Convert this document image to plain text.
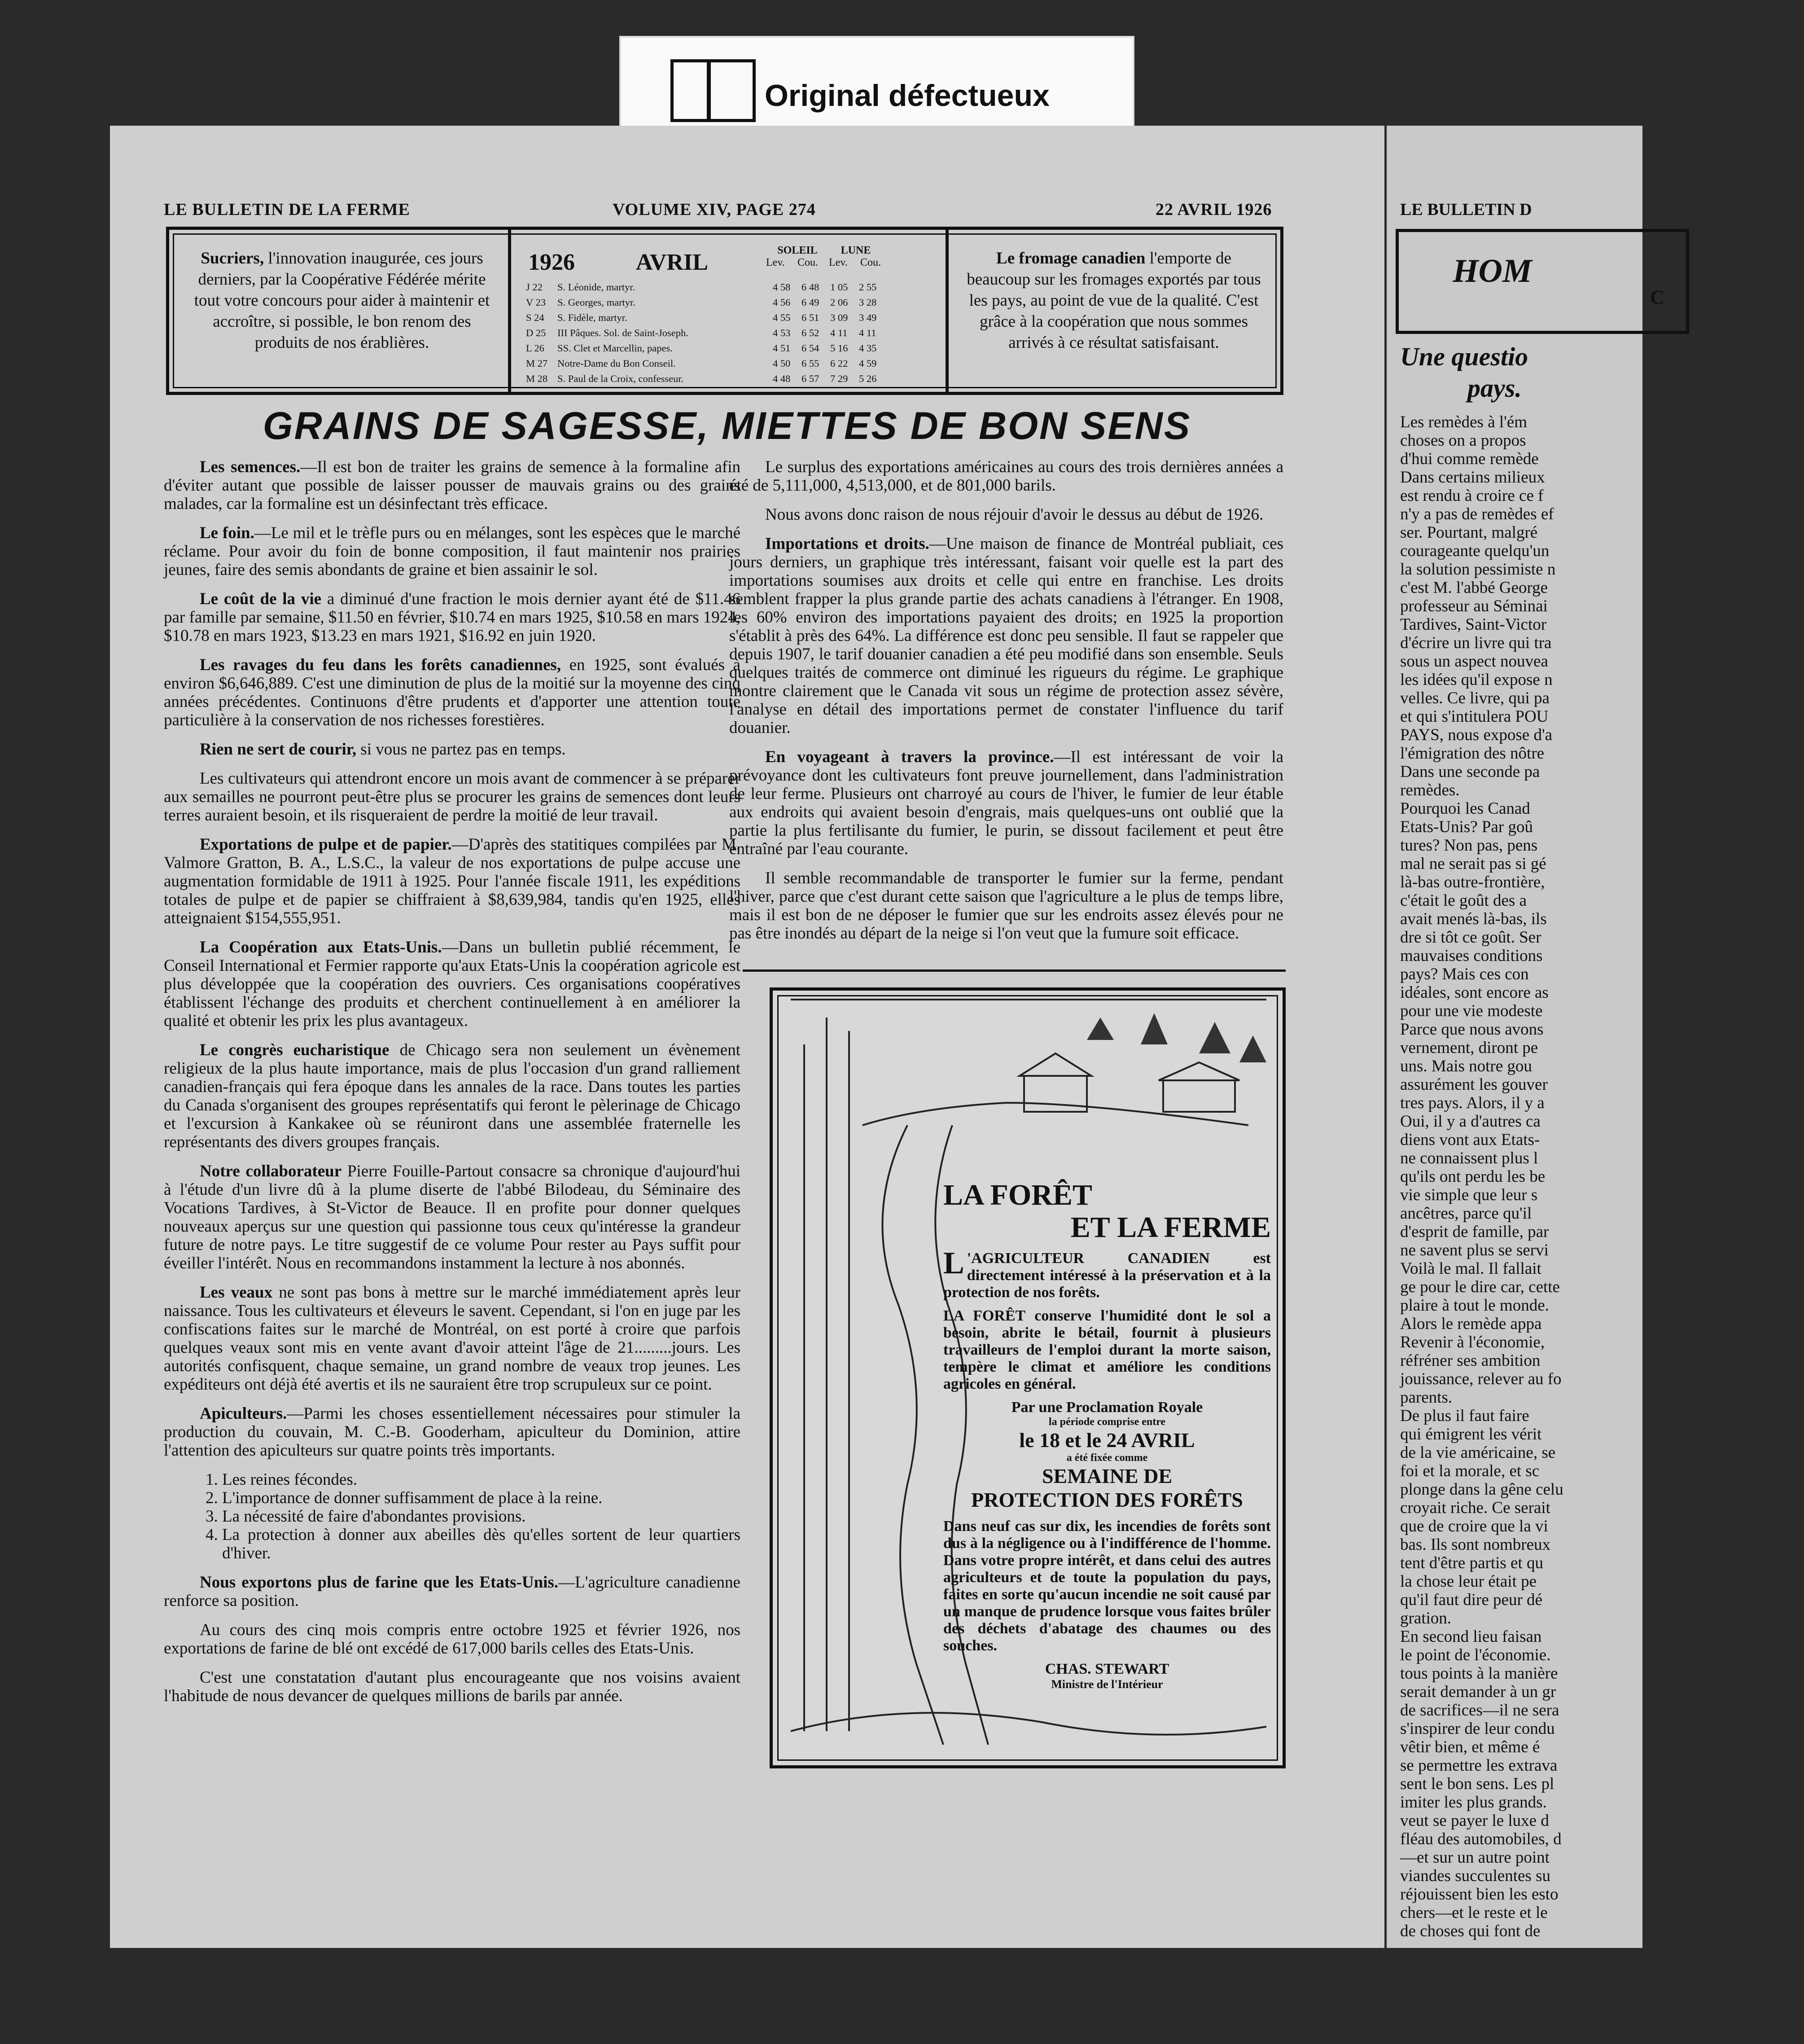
Original défectueux
LE BULLETIN DE LA FERME	VOLUME XIV, PAGE 274	22 AVRIL 1926
Sucriers, l'innovation inaugurée, ces jours derniers, par la Coopérative Fédérée mérite tout votre concours pour aider à maintenir et accroître, si possible, le bon renom des produits de nos érablières.
1926	AVRIL	SOLEIL	LUNE
Lev. Cou. Lev. Cou.
J 22 S. Léonide, martyr.	4 58 6 48 1 05 2 55
V 23 S. Georges, martyr.	4 56 6 49 2 06 3 28
S 24 S. Fidèle, martyr.	4 55 6 51 3 09 3 49
D 25 III Pâques. Sol. de Saint-Joseph.	4 53 6 52 4 11 4 11
L 26 SS. Clet et Marcellin, papes.	4 51 6 54 5 16 4 35
M 27 Notre-Dame du Bon Conseil.	4 50 6 55 6 22 4 59
M 28 S. Paul de la Croix, confesseur.	4 48 6 57 7 29 5 26
Le fromage canadien l'emporte de beaucoup sur les fromages exportés par tous les pays, au point de vue de la qualité. C'est grâce à la coopération que nous sommes arrivés à ce résultat satisfaisant.
GRAINS DE SAGESSE, MIETTES DE BON SENS

Les semences.—Il est bon de traiter les grains de semence à la formaline afin d'éviter autant que possible de laisser pousser de mauvais grains ou des grains malades, car la formaline est un désinfectant très efficace.

Le foin.—Le mil et le trèfle purs ou en mélanges, sont les espèces que le marché réclame. Pour avoir du foin de bonne composition, il faut maintenir nos prairies jeunes, faire des semis abondants de graine et bien assainir le sol.

Le coût de la vie a diminué d'une fraction le mois dernier ayant été de $11.46 par famille par semaine, $11.50 en février, $10.74 en mars 1925, $10.58 en mars 1924, $10.78 en mars 1923, $13.23 en mars 1921, $16.92 en juin 1920.

Les ravages du feu dans les forêts canadiennes, en 1925, sont évalués à environ $6,646,889. C'est une diminution de plus de la moitié sur la moyenne des cinq années précédentes. Continuons d'être prudents et d'apporter une attention toute particulière à la conservation de nos richesses forestières.

Rien ne sert de courir, si vous ne partez pas en temps.

Les cultivateurs qui attendront encore un mois avant de commencer à se préparer aux semailles ne pourront peut-être plus se procurer les grains de semences dont leurs terres auraient besoin, et ils risqueraient de perdre la moitié de leur travail.

Exportations de pulpe et de papier.—D'après des statitiques compilées par M. Valmore Gratton, B. A., L.S.C., la valeur de nos exportations de pulpe accuse une augmentation formidable de 1911 à 1925. Pour l'année fiscale 1911, les expéditions totales de pulpe et de papier se chiffraient à $8,639,984, tandis qu'en 1925, elles atteignaient $154,555,951.

La Coopération aux Etats-Unis.—Dans un bulletin publié récemment, le Conseil International et Fermier rapporte qu'aux Etats-Unis la coopération agricole est plus développée que la coopération des ouvriers. Ces organisations coopératives établissent l'échange des produits et cherchent continuellement à en améliorer la qualité et obtenir les prix les plus avantageux.

Le congrès eucharistique de Chicago sera non seulement un évènement religieux de la plus haute importance, mais de plus l'occasion d'un grand ralliement canadien-français qui fera époque dans les annales de la race. Dans toutes les parties du Canada s'organisent des groupes représentatifs qui feront le pèlerinage de Chicago et l'excursion à Kankakee où se réuniront dans une assemblée fraternelle les représentants des divers groupes français.

Notre collaborateur Pierre Fouille-Partout consacre sa chronique d'aujourd'hui à l'étude d'un livre dû à la plume diserte de l'abbé Bilodeau, du Séminaire des Vocations Tardives, à St-Victor de Beauce. Il en profite pour donner quelques nouveaux aperçus sur une question qui passionne tous ceux qu'intéresse la grandeur future de notre pays. Le titre suggestif de ce volume Pour rester au Pays suffit pour éveiller l'intérêt. Nous en recommandons instamment la lecture à nos abonnés.

Les veaux ne sont pas bons à mettre sur le marché immédiatement après leur naissance. Tous les cultivateurs et éleveurs le savent. Cependant, si l'on en juge par les confiscations faites sur le marché de Montréal, on est porté à croire que parfois quelques veaux sont mis en vente avant d'avoir atteint l'âge de 21.........jours. Les autorités confisquent, chaque semaine, un grand nombre de veaux trop jeunes. Les expéditeurs ont déjà été avertis et ils ne sauraient être trop scrupuleux sur ce point.

Apiculteurs.—Parmi les choses essentiellement nécessaires pour stimuler la production du couvain, M. C.-B. Gooderham, apiculteur du Dominion, attire l'attention des apiculteurs sur quatre points très importants.

1. Les reines fécondes.
2. L'importance de donner suffisamment de place à la reine.
3. La nécessité de faire d'abondantes provisions.
4. La protection à donner aux abeilles dès qu'elles sortent de leur quartiers d'hiver.

Nous exportons plus de farine que les Etats-Unis.—L'agriculture canadienne renforce sa position.

Au cours des cinq mois compris entre octobre 1925 et février 1926, nos exportations de farine de blé ont excédé de 617,000 barils celles des Etats-Unis.

C'est une constatation d'autant plus encourageante que nos voisins avaient l'habitude de nous devancer de quelques millions de barils par année.

Le surplus des exportations américaines au cours des trois dernières années a été de 5,111,000, 4,513,000, et de 801,000 barils.

Nous avons donc raison de nous réjouir d'avoir le dessus au début de 1926.

Importations et droits.—Une maison de finance de Montréal publiait, ces jours derniers, un graphique très intéressant, faisant voir quelle est la part des importations soumises aux droits et celle qui entre en franchise. Les droits semblent frapper la plus grande partie des achats canadiens à l'étranger. En 1908, les 60% environ des importations payaient des droits; en 1925 la proportion s'établit à près des 64%. La différence est donc peu sensible. Il faut se rappeler que depuis 1907, le tarif douanier canadien a été peu modifié dans son ensemble. Seuls quelques traités de commerce ont diminué les rigueurs du régime. Le graphique montre clairement que le Canada vit sous un régime de protection assez sévère, l'analyse en détail des importations permet de constater l'influence du tarif douanier.

En voyageant à travers la province.—Il est intéressant de voir la prévoyance dont les cultivateurs font preuve journellement, dans l'administration de leur ferme. Plusieurs ont charroyé au cours de l'hiver, le fumier de leur étable aux endroits qui avaient besoin d'engrais, mais quelques-uns ont oublié que la partie la plus fertilisante du fumier, le purin, se dissout facilement et peut être entraîné par l'eau courante.

Il semble recommandable de transporter le fumier sur la ferme, pendant l'hiver, parce que c'est durant cette saison que l'agriculture a le plus de temps libre, mais il est bon de ne déposer le fumier que sur les endroits assez élevés pour ne pas être inondés au départ de la neige si l'on veut que la fumure soit efficace.

LA FORÊT
ET LA FERME
L 'AGRICULTEUR CANADIEN	est directement intéressé à la préservation et à la protection de nos forêts.
LA FORÊT conserve l'humidité dont le sol a besoin, abrite le bétail, fournit à plusieurs travailleurs de l'emploi durant la morte saison, tempère le climat et améliore les conditions agricoles en général.
Par une Proclamation Royale
la période comprise entre
le 18 et le 24 AVRIL
a été fixée comme
SEMAINE DE
PROTECTION DES FORÊTS
Dans neuf cas sur dix, les incendies de forêts sont dus à la négligence ou à l'indifférence de l'homme. Dans votre propre intérêt, et dans celui des autres agriculteurs et de toute la population du pays, faites en sorte qu'aucun incendie ne soit causé par un manque de prudence lorsque vous faites brûler des déchets d'abatage des chaumes ou des souches.
CHAS. STEWART
Ministre de l'Intérieur
LE BULLETIN D
HOM
C
Une questio
pays.
Les remèdes à l'ém
choses on a propos
d'hui comme remède
Dans certains milieux
est rendu à croire ce f
n'y a pas de remèdes ef
ser. Pourtant, malgré
courageante quelqu'un
la solution pessimiste n
c'est M. l'abbé George
professeur au Séminai
Tardives, Saint-Victor
d'écrire un livre qui tra
sous un aspect nouvea
les idées qu'il expose n
velles. Ce livre, qui pa
et qui s'intitulera POU
PAYS, nous expose d'a
l'émigration des nôtre
Dans une seconde pa
remèdes.
Pourquoi les Canad
Etats-Unis? Par goû
tures? Non pas, pens
mal ne serait pas si gé
là-bas outre-frontière,
c'était le goût des a
avait menés là-bas, ils
dre si tôt ce goût. Ser
mauvaises conditions
pays? Mais ces con
idéales, sont encore as
pour une vie modeste
Parce que nous avons
vernement, diront pe
uns. Mais notre gou
assurément les gouver
tres pays. Alors, il y a
Oui, il y a d'autres ca
diens vont aux Etats-
ne connaissent plus l
qu'ils ont perdu les be
vie simple que leur s
ancêtres, parce qu'il
d'esprit de famille, par
ne savent plus se servi
Voilà le mal. Il fallait
ge pour le dire car, cette
plaire à tout le monde.
Alors le remède appa
Revenir à l'économie,
réfréner ses ambition
jouissance, relever au fo
parents.
De plus il faut faire
qui émigrent les vérit
de la vie américaine, se
foi et la morale, et sc
plonge dans la gêne celu
croyait riche. Ce serait
que de croire que la vi
bas. Ils sont nombreux
tent d'être partis et qu
la chose leur était pe
qu'il faut dire peur dé
gration.
En second lieu faisan
le point de l'économie.
tous points à la manière
serait demander à un gr
de sacrifices—il ne sera
s'inspirer de leur condu
vêtir bien, et même é
se permettre les extrava
sent le bon sens. Les pl
imiter les plus grands.
veut se payer le luxe d
fléau des automobiles, d
—et sur un autre point
viandes succulentes su
réjouissent bien les esto
chers—et le reste et le
de choses qui font de
